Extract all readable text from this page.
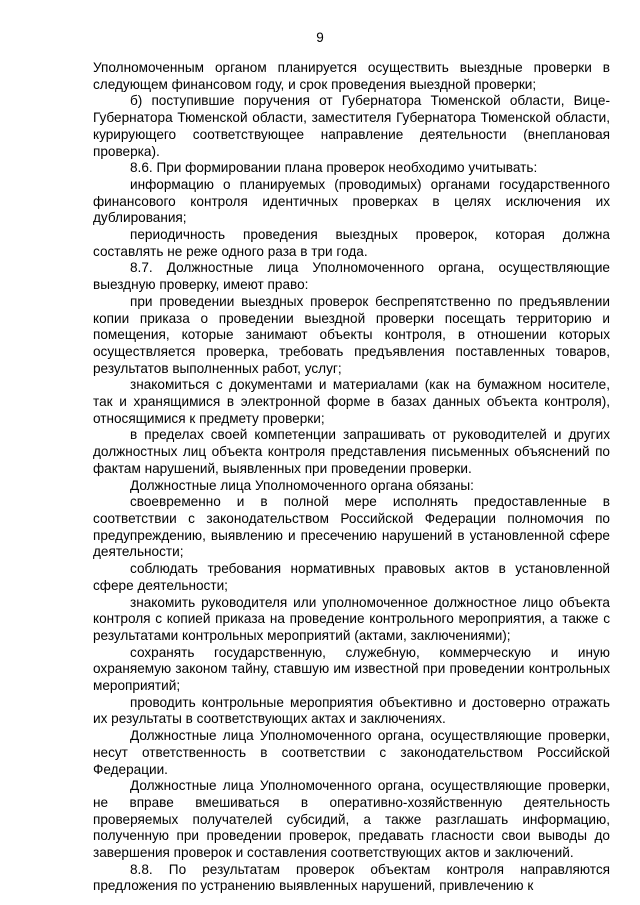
9

Уполномоченным органом планируется осуществить выездные проверки в следующем финансовом году, и срок проведения выездной проверки;

б) поступившие поручения от Губернатора Тюменской области, Вице-Губернатора Тюменской области, заместителя Губернатора Тюменской области, курирующего соответствующее направление деятельности (внеплановая проверка).

8.6. При формировании плана проверок необходимо учитывать:

информацию о планируемых (проводимых) органами государственного финансового контроля идентичных проверках в целях исключения их дублирования;

периодичность проведения выездных проверок, которая должна составлять не реже одного раза в три года.

8.7. Должностные лица Уполномоченного органа, осуществляющие выездную проверку, имеют право:

при проведении выездных проверок беспрепятственно по предъявлении копии приказа о проведении выездной проверки посещать территорию и помещения, которые занимают объекты контроля, в отношении которых осуществляется проверка, требовать предъявления поставленных товаров, результатов выполненных работ, услуг;

знакомиться с документами и материалами (как на бумажном носителе, так и хранящимися в электронной форме в базах данных объекта контроля), относящимися к предмету проверки;

в пределах своей компетенции запрашивать от руководителей и других должностных лиц объекта контроля представления письменных объяснений по фактам нарушений, выявленных при проведении проверки.

Должностные лица Уполномоченного органа обязаны:

своевременно и в полной мере исполнять предоставленные в соответствии с законодательством Российской Федерации полномочия по предупреждению, выявлению и пресечению нарушений в установленной сфере деятельности;

соблюдать требования нормативных правовых актов в установленной сфере деятельности;

знакомить руководителя или уполномоченное должностное лицо объекта контроля с копией приказа на проведение контрольного мероприятия, а также с результатами контрольных мероприятий (актами, заключениями);

сохранять государственную, служебную, коммерческую и иную охраняемую законом тайну, ставшую им известной при проведении контрольных мероприятий;

проводить контрольные мероприятия объективно и достоверно отражать их результаты в соответствующих актах и заключениях.

Должностные лица Уполномоченного органа, осуществляющие проверки, несут ответственность в соответствии с законодательством Российской Федерации.

Должностные лица Уполномоченного органа, осуществляющие проверки, не вправе вмешиваться в оперативно-хозяйственную деятельность проверяемых получателей субсидий, а также разглашать информацию, полученную при проведении проверок, предавать гласности свои выводы до завершения проверок и составления соответствующих актов и заключений.

8.8. По результатам проверок объектам контроля направляются предложения по устранению выявленных нарушений, привлечению к
